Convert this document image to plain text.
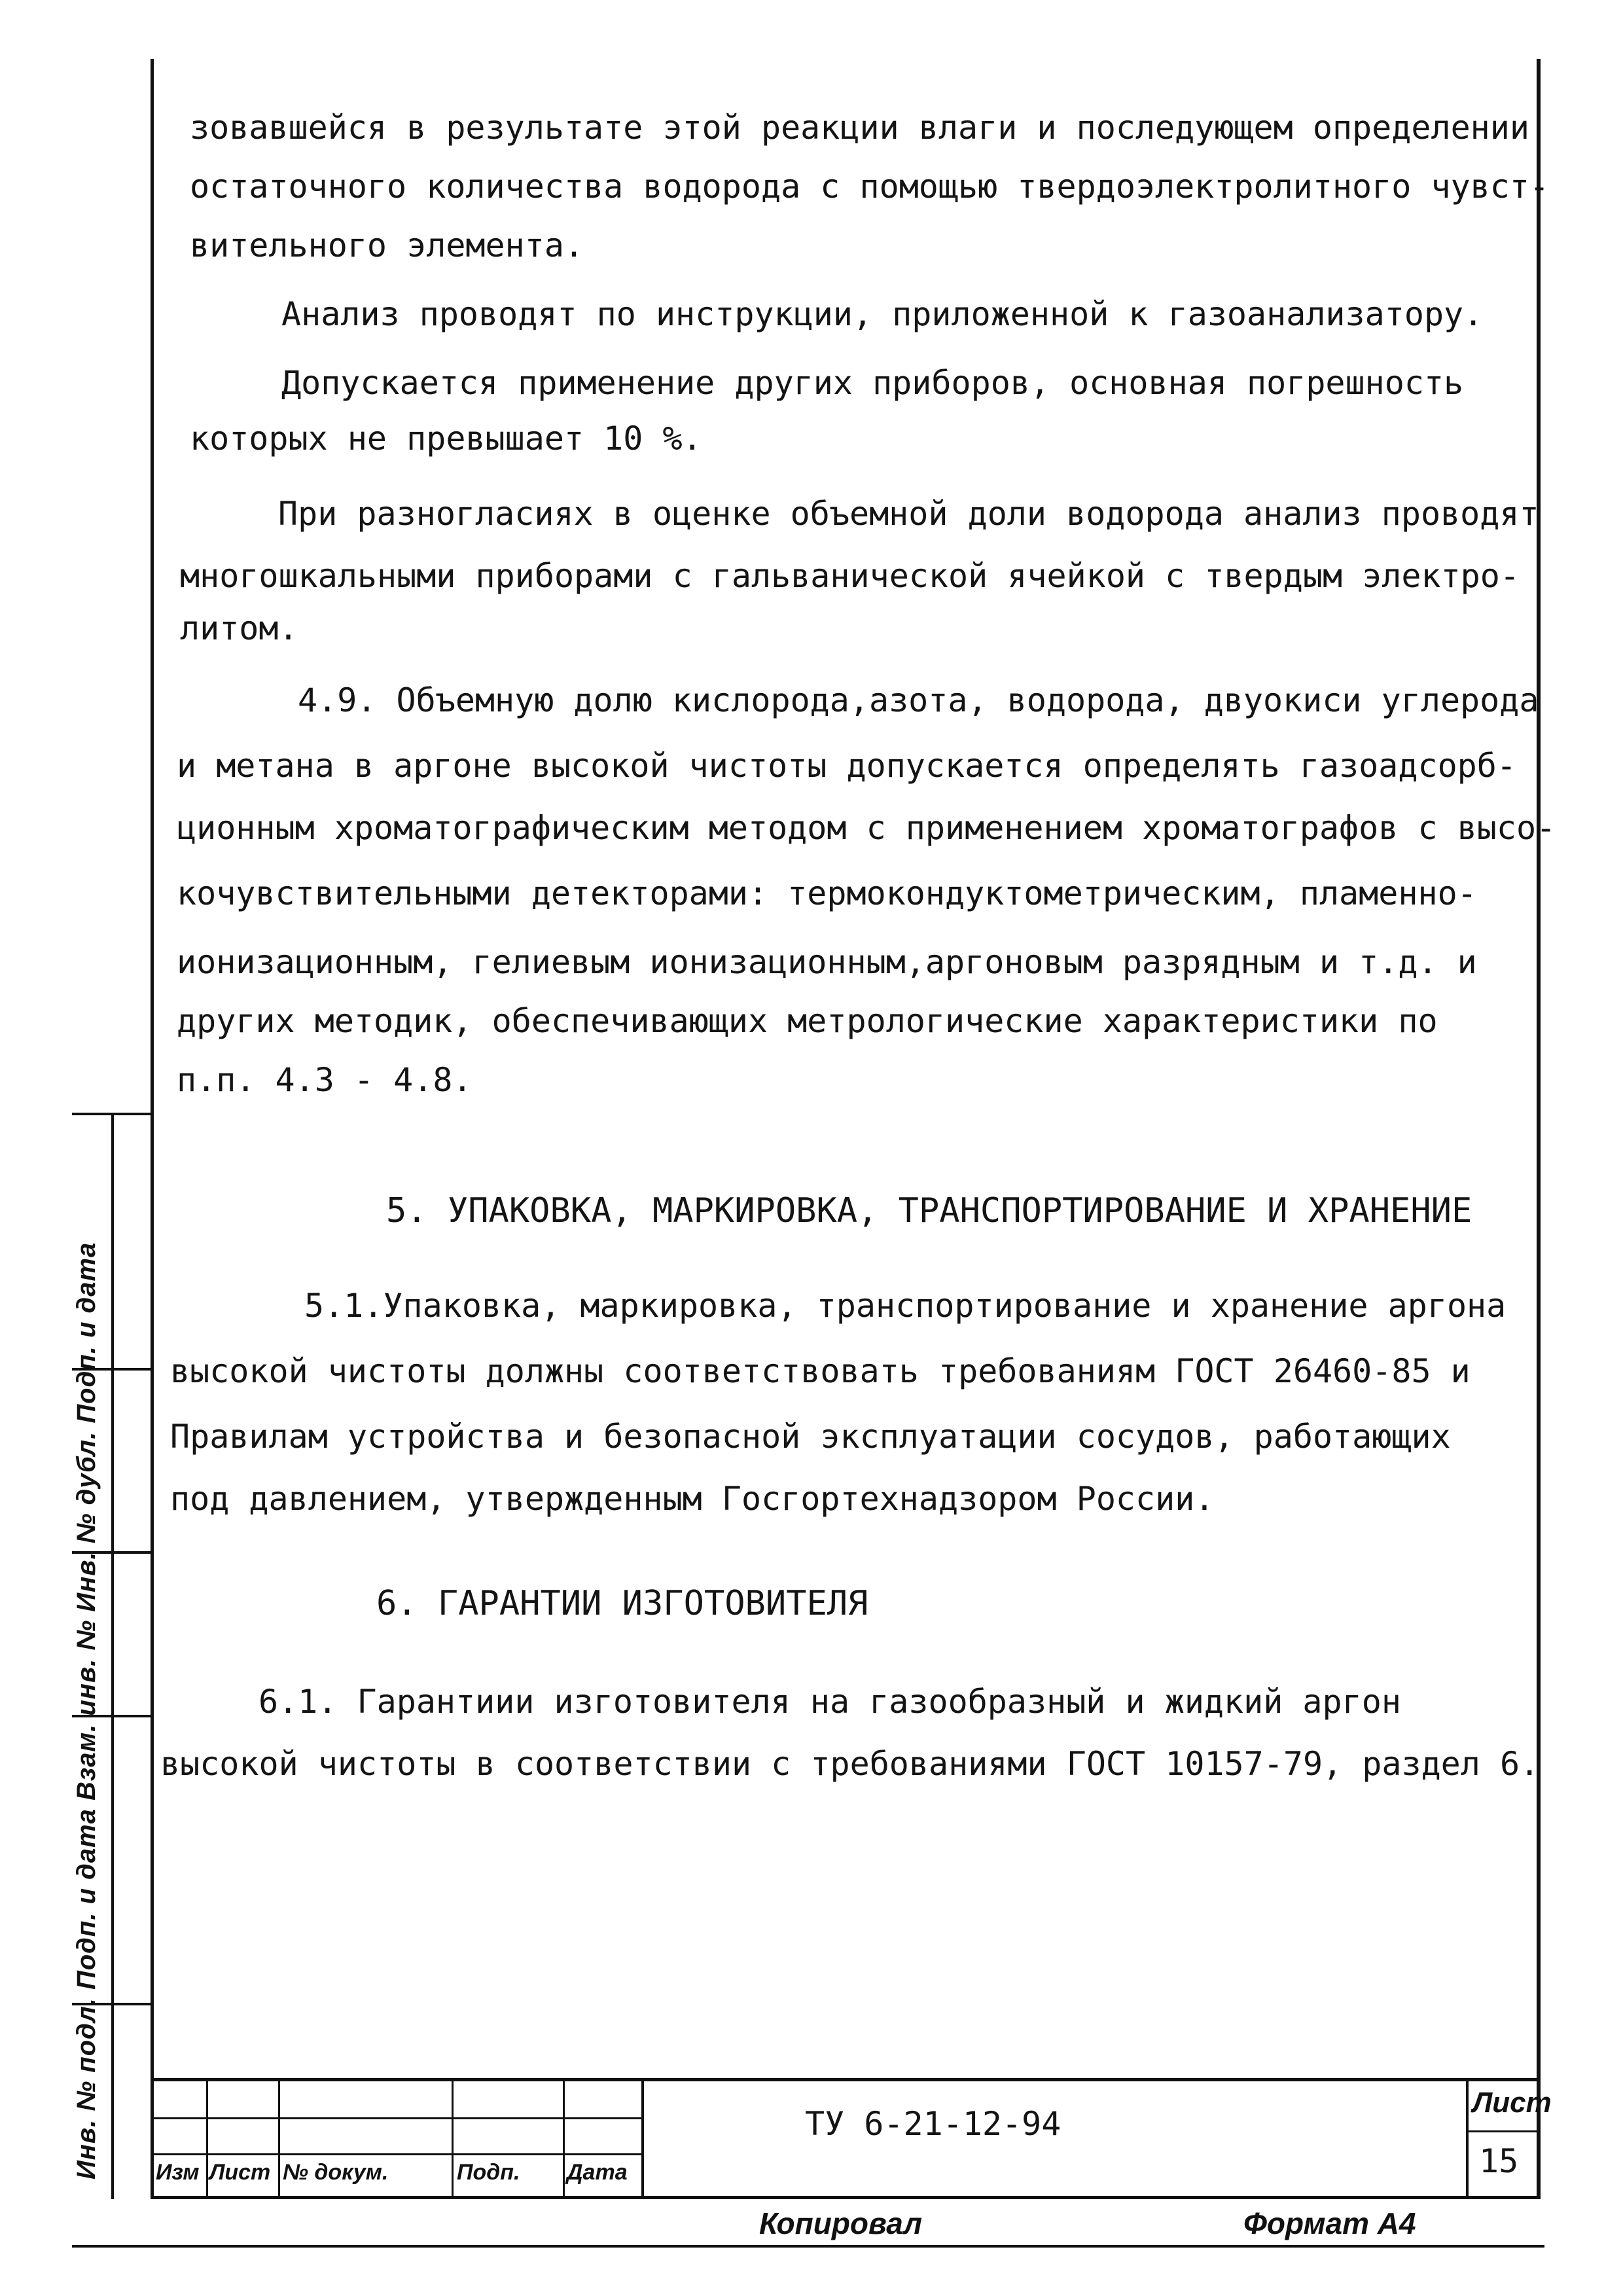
Инв. № подл. Подп. и дата Взам. инв. № Инв. № дубл. Подп. и дата
зовавшейся в результате этой реакции влаги и последующем определении
остаточного количества водорода с помощью твердоэлектролитного чувст-
вительного элемента.
Анализ проводят по инструкции, приложенной к газоанализатору.
Допускается применение других приборов, основная погрешность
которых не превышает 10 %.
При разногласиях в оценке объемной доли водорода анализ проводят
многошкальными приборами с гальванической ячейкой с твердым электро-
литом.
4.9. Объемную долю кислорода,азота, водорода, двуокиси углерода
и метана в аргоне высокой чистоты допускается определять газоадсорб-
ционным хроматографическим методом с применением хроматографов с высо-
кочувствительными детекторами: термокондуктометрическим, пламенно-
ионизационным, гелиевым ионизационным,аргоновым разрядным и т.д. и
других методик, обеспечивающих метрологические характеристики по
п.п. 4.3 - 4.8.
5. УПАКОВКА, МАРКИРОВКА, ТРАНСПОРТИРОВАНИЕ И ХРАНЕНИЕ
5.1.Упаковка, маркировка, транспортирование и хранение аргона
высокой чистоты должны соответствовать требованиям ГОСТ 26460-85 и
Правилам устройства и безопасной эксплуатации сосудов, работающих
под давлением, утвержденным Госгортехнадзором России.
6. ГАРАНТИИ ИЗГОТОВИТЕЛЯ
6.1. Гарантиии изготовителя на газообразный и жидкий аргон
высокой чистоты в соответствии с требованиями ГОСТ 10157-79, раздел 6.
Изм Лист № докум.	Подп. Дата
ТУ 6-21-12-94
Лист
15
Копировал	Формат А4
